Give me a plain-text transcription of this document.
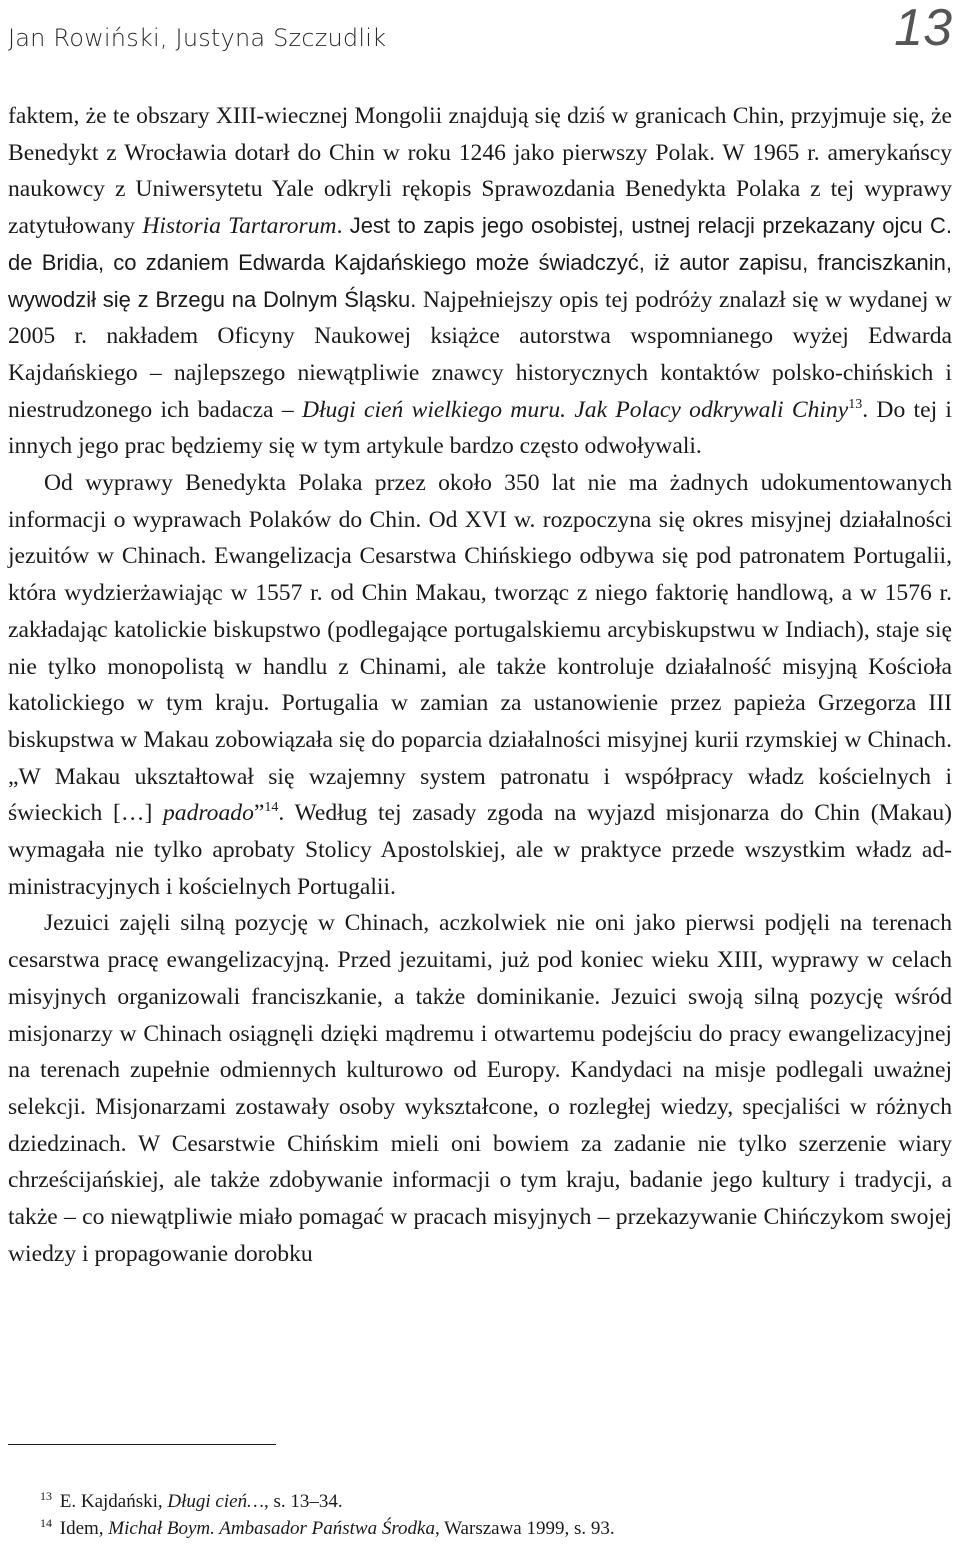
Jan Rowiński, Justyna Szczudlik	13

faktem, że te obszary XIII-wiecznej Mongolii znajdują się dziś w granicach Chin, przyjmuje się, że Benedykt z Wrocławia dotarł do Chin w roku 1246 jako pierwszy Polak. W 1965 r. amerykańscy naukowcy z Uniwersytetu Yale odkryli rękopis Sprawozdania Benedykta Polaka z tej wyprawy zatytułowany Historia Tartarorum. Jest to zapis jego osobistej, ustnej relacji przekazany ojcu C. de Bridia, co zdaniem Edwarda Kajdańskiego może świadczyć, iż autor zapisu, franciszkanin, wywodził się z Brzegu na Dolnym Śląsku. Najpełniejszy opis tej podróży znalazł się w wydanej w 2005 r. nakładem Oficyny Naukowej książce autorstwa wspomnianego wyżej Edwarda Kajdańskiego – najlepszego niewątpliwie znawcy historycznych kontaktów polsko-chińskich i niestrudzonego ich badacza – Długi cień wielkiego muru. Jak Polacy odkrywali Chiny$^{13}$. Do tej i innych jego prac będziemy się w tym artykule bardzo często odwoływali.

Od wyprawy Benedykta Polaka przez około 350 lat nie ma żadnych udokumentowanych informacji o wyprawach Polaków do Chin. Od XVI w. rozpoczyna się okres misyjnej działalności jezuitów w Chinach. Ewangelizacja Cesarstwa Chińskiego odbywa się pod patronatem Portugalii, która wydzierżawiając w 1557 r. od Chin Makau, tworząc z niego faktorię handlową, a w 1576 r. zakładając katolickie biskupstwo (podlegające portugalskiemu arcybiskupstwu w Indiach), staje się nie tylko monopolistą w handlu z Chinami, ale także kontroluje działalność misyjną Kościoła katolickiego w tym kraju. Portugalia w zamian za ustanowienie przez papieża Grzegorza III biskupstwa w Makau zobowiązała się do poparcia działalności misyjnej kurii rzymskiej w Chinach. „W Makau ukształtował się wzajemny system patronatu i współpracy władz kościelnych i świeckich […] padroado”$^{14}$. Według tej zasady zgoda na wyjazd misjonarza do Chin (Makau) wymagała nie tylko aprobaty Stolicy Apostolskiej, ale w praktyce przede wszystkim władz administracyjnych i kościelnych Portugalii.

Jezuici zajęli silną pozycję w Chinach, aczkolwiek nie oni jako pierwsi podjęli na terenach cesarstwa pracę ewangelizacyjną. Przed jezuitami, już pod koniec wieku XIII, wyprawy w celach misyjnych organizowali franciszkanie, a także dominikanie. Jezuici swoją silną pozycję wśród misjonarzy w Chinach osiągnęli dzięki mądremu i otwartemu podejściu do pracy ewangelizacyjnej na terenach zupełnie odmiennych kulturowo od Europy. Kandydaci na misje podlegali uważnej selekcji. Misjonarzami zostawały osoby wykształcone, o rozległej wiedzy, specjaliści w różnych dziedzinach. W Cesarstwie Chińskim mieli oni bowiem za zadanie nie tylko szerzenie wiary chrześcijańskiej, ale także zdobywanie informacji o tym kraju, badanie jego kultury i tradycji, a także – co niewątpliwie miało pomagać w pracach misyjnych – przekazywanie Chińczykom swojej wiedzy i propagowanie dorobku

$^{13}$ E. Kajdański, Długi cień…, s. 13–34.
$^{14}$ Idem, Michał Boym. Ambasador Państwa Środka, Warszawa 1999, s. 93.
